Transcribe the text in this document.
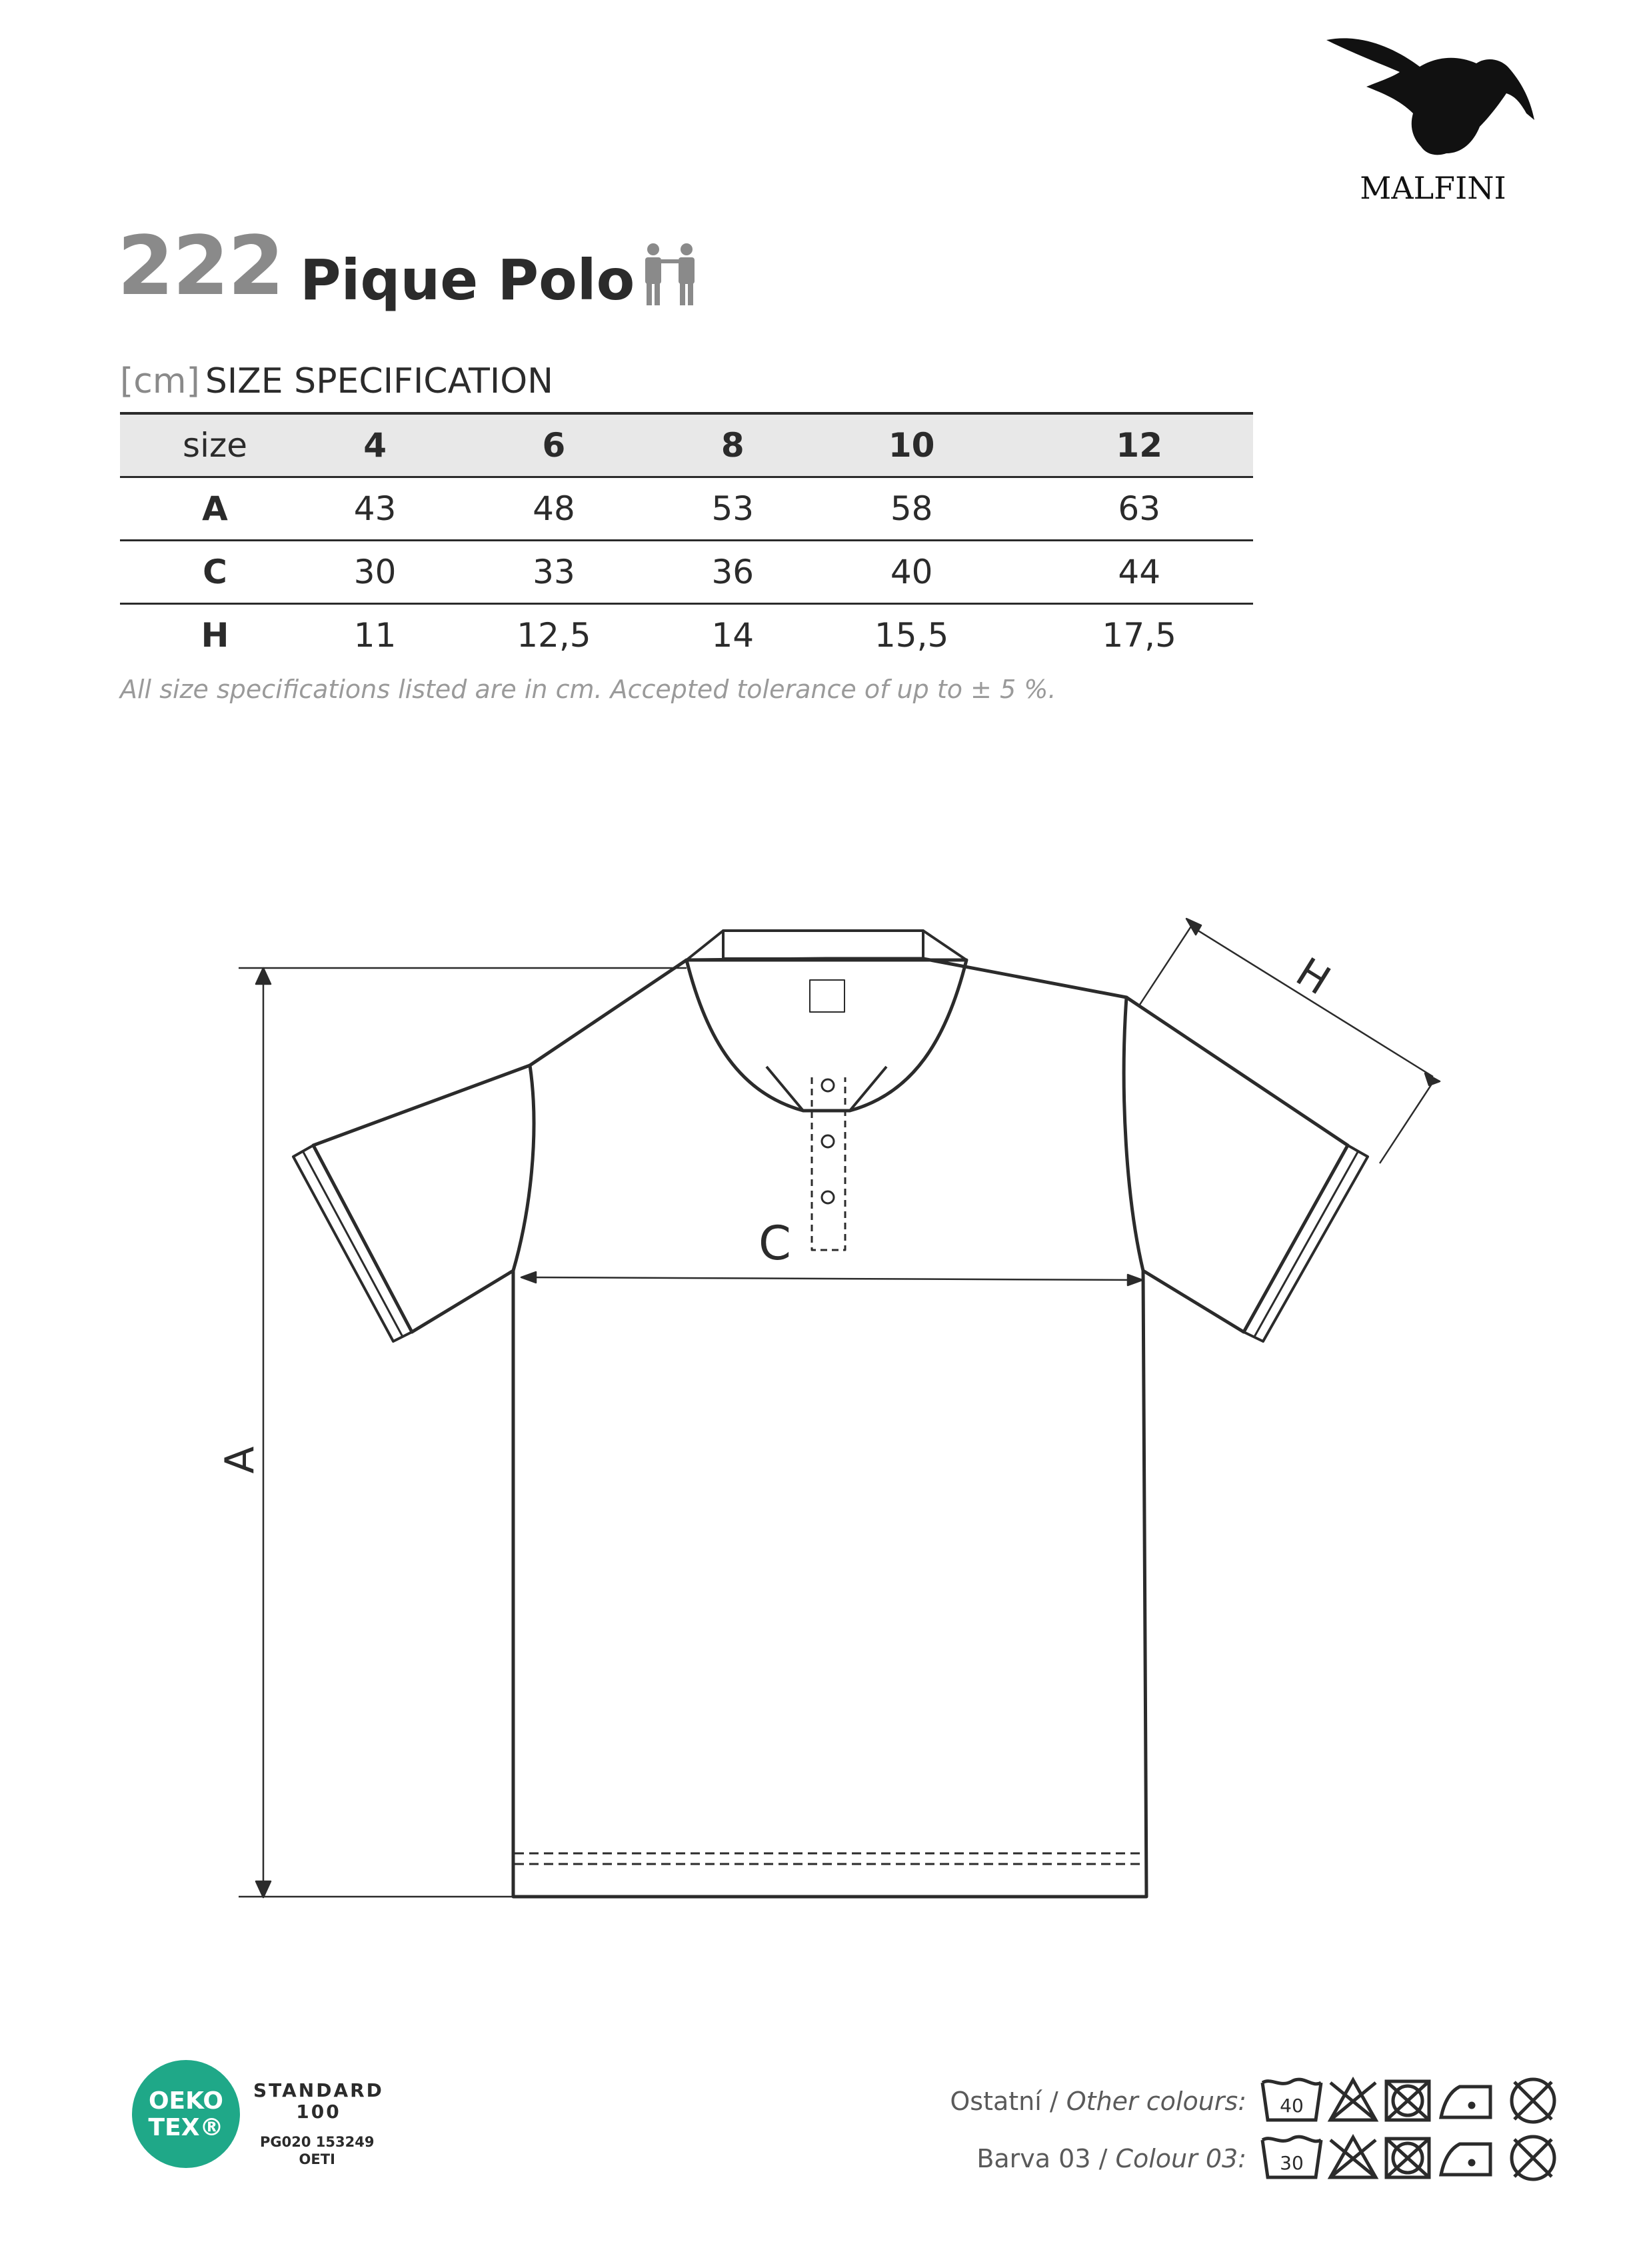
MALFINI
222 Pique Polo
[cm] SIZE SPECIFICATION
size	4	6	8	10	12
A	43	48	53	58	63
C	30	33	36	40	44
H	11	12,5	14	15,5	17,5
All size specifications listed are in cm. Accepted tolerance of up to ± 5 %.
A
C
H
OEKO
TEX®
STANDARD
100
PG020 153249
OETI
Ostatní / Other colours:
Barva 03 / Colour 03:
40
30
